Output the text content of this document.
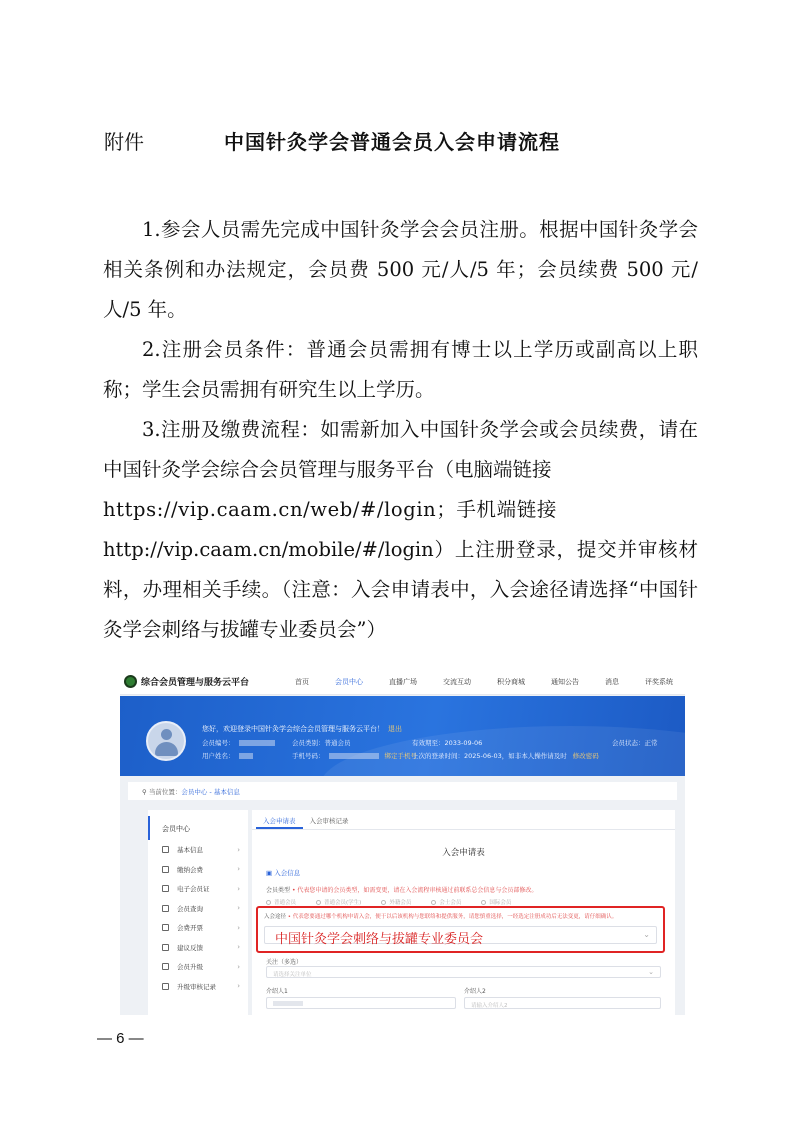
附件	中国针灸学会普通会员入会申请流程

1.参会人员需先完成中国针灸学会会员注册。根据中国针灸学会相关条例和办法规定，会员费 500 元/人/5 年；会员续费 500 元/人/5 年。

2.注册会员条件：普通会员需拥有博士以上学历或副高以上职称；学生会员需拥有研究生以上学历。

3.注册及缴费流程：如需新加入中国针灸学会或会员续费，请在中国针灸学会综合会员管理与服务平台（电脑端链接

https://vip.caam.cn/web/#/login；手机端链接

http://vip.caam.cn/mobile/#/login）上注册登录，提交并审核材料，办理相关手续。（注意：入会申请表中，入会途径请选择“中国针灸学会刺络与拔罐专业委员会”）

综合会员管理与服务云平台	首页	会员中心	直播广场	交流互动	积分商城	通知公告	消息	评奖系统
您好，欢迎登录中国针灸学会综合会员管理与服务云平台！ 退出
会员编号：	会员类别：普通会员	有效期至：2033-09-06	会员状态：正常
用户姓名：	手机号码：	绑定手机号
上次的登录时间：2025-06-03，如非本人操作请及时 修改密码
⚲ 当前位置：会员中心 - 基本信息
会员中心
基本信息	›
缴纳会费	›
电子会员证	›
会员查询	›
会费开票	›
建议反馈	›
会员升级	›
升级审核记录	›
入会申请表	入会审核记录
入会申请表
▣ 入会信息
会员类型 • 代表您申请的会员类型，如需变更，请在入会流程审核通过前联系总会信息与会员部修改。
普通会员	普通会员(学生)	外籍会员	会士会员	国际会员
入会途径 • 代表您要通过哪个机构申请入会，便于以后该机构与您联络和提供服务，请您慎重选择，一经选定注册成功后无法变更，请仔细确认。
中国针灸学会刺络与拔罐专业委员会	⌄
关注（多选）
请选择关注单位	⌄
介绍人1	介绍人2
请输入介绍人2
— 6 —
